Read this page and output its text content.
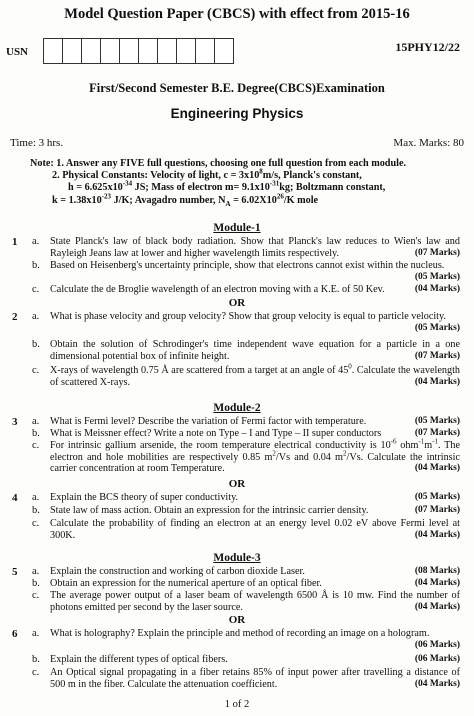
Model Question Paper (CBCS) with effect from 2015-16
USN	15PHY12/22
First/Second Semester B.E. Degree(CBCS)Examination
Engineering Physics
Time: 3 hrs.	Max. Marks: 80
Note: 1. Answer any FIVE full questions, choosing one full question from each module.
2. Physical Constants: Velocity of light, $c = 3x10^8m/s$, Planck's constant,
$h = 6.625x10^{-34}$ JS; Mass of electron $m= 9.1x10^{-31}kg$; Boltzmann constant,
$k = 1.38x10^{-23}$ J/K; Avagadro number, $N_A = 6.02X10^{26}/K$ mole
Module-1
1 a. State Planck's law of black body radiation. Show that Planck's law reduces to Wien's law and Rayleigh Jeans law at lower and higher wavelength limits respectively.	(07 Marks)
b. Based on Heisenberg's uncertainty principle, show that electrons cannot exist within the nucleus.
(05 Marks)
c. Calculate the de Broglie wavelength of an electron moving with a K.E. of 50 Kev.	(04 Marks)
OR
2 a. What is phase velocity and group velocity? Show that group velocity is equal to particle velocity.
(05 Marks)
b. Obtain the solution of Schrodinger's time independent wave equation for a particle in a one dimensional potential box of infinite height.	(07 Marks)
c. X-rays of wavelength 0.75 Å are scattered from a target at an angle of $45^0$. Calculate the wavelength of scattered X-rays.	(04 Marks)
Module-2
3 a. What is Fermi level? Describe the variation of Fermi factor with temperature.	(05 Marks)
b. What is Meissner effect? Write a note on Type – I and Type – II super conductors	(07 Marks)
c. For intrinsic gallium arsenide, the room temperature electrical conductivity is $10^{-6}$ $ohm^{-1}m^{-1}$. The electron and hole mobilities are respectively 0.85 $m^2/Vs$ and 0.04 $m^2/Vs$. Calculate the intrinsic carrier concentration at room Temperature.	(04 Marks)
OR
4 a. Explain the BCS theory of super conductivity.	(05 Marks)
b. State law of mass action. Obtain an expression for the intrinsic carrier density.	(07 Marks)
c. Calculate the probability of finding an electron at an energy level 0.02 eV above Fermi level at 300K.	(04 Marks)
Module-3
5 a. Explain the construction and working of carbon dioxide Laser.	(08 Marks)
b. Obtain an expression for the numerical aperture of an optical fiber.	(04 Marks)
c. The average power output of a laser beam of wavelength 6500 Å is 10 mw. Find the number of photons emitted per second by the laser source.	(04 Marks)
OR
6 a. What is holography? Explain the principle and method of recording an image on a hologram.
(06 Marks)
b. Explain the different types of optical fibers.	(06 Marks)
c. An Optical signal propagating in a fiber retains 85% of input power after travelling a distance of 500 m in the fiber. Calculate the attenuation coefficient.	(04 Marks)
1 of 2
